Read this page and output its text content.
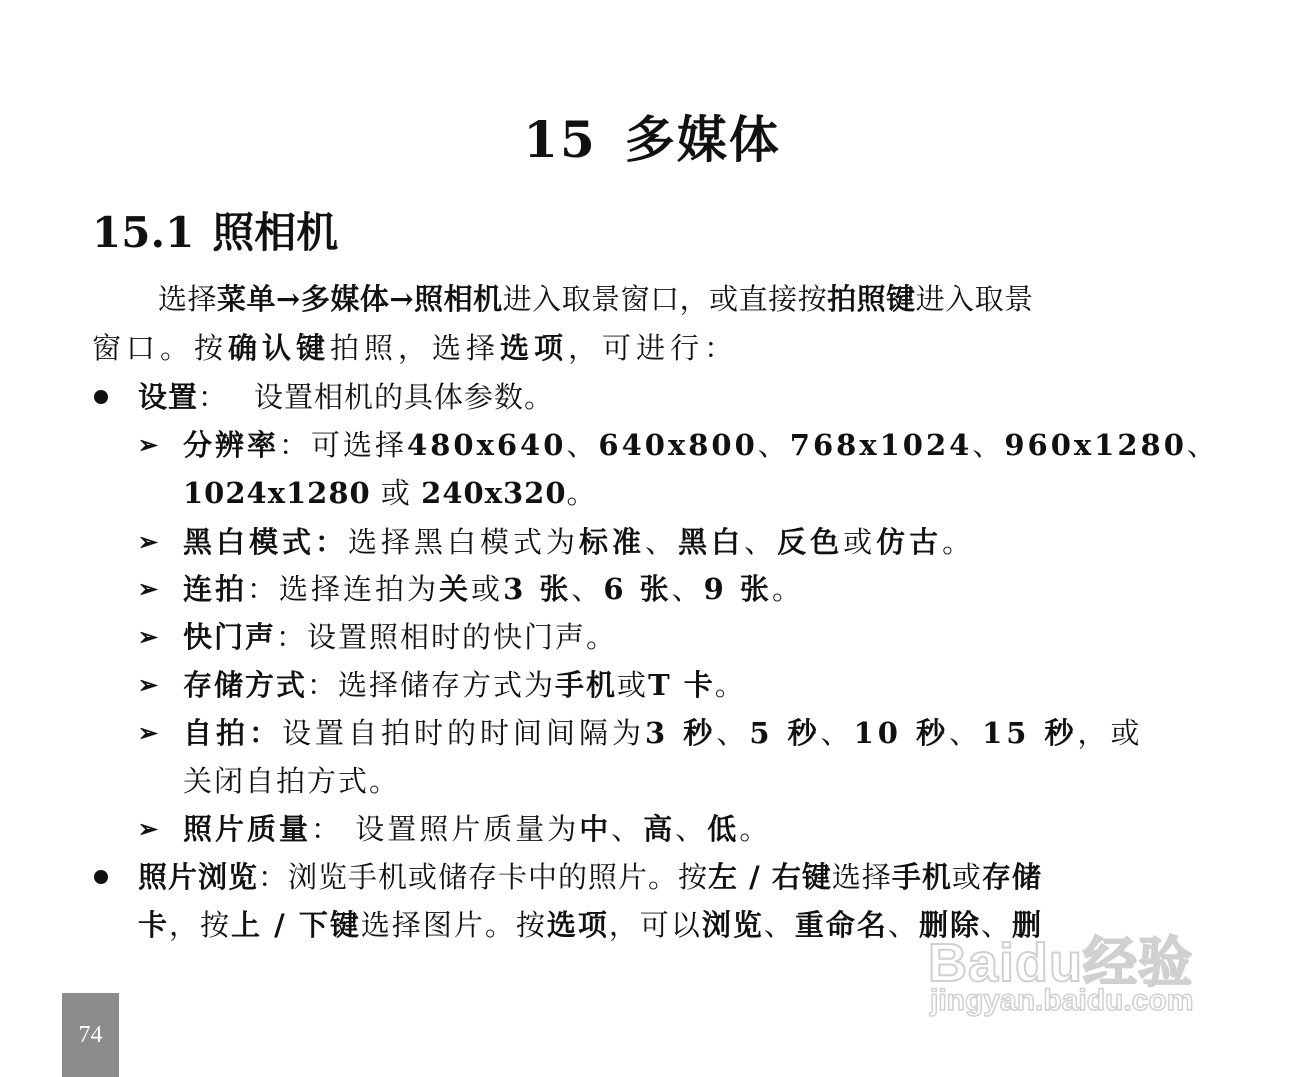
15 多媒体
15.1 照相机
选择菜单→多媒体→照相机进入取景窗口，或直接按拍照键进入取景
窗口。按确认键拍照，选择选项，可进行：
设置： 设置相机的具体参数。
➢ 分辨率：可选择480x640、640x800、768x1024、960x1280、
1024x1280 或 240x320。
➢ 黑白模式：选择黑白模式为标准、黑白、反色或仿古。
➢ 连拍：选择连拍为关或3 张、6 张、9 张。
➢ 快门声：设置照相时的快门声。
➢ 存储方式：选择储存方式为手机或T 卡。
➢ 自拍：设置自拍时的时间间隔为3 秒、5 秒、10 秒、15 秒，或
关闭自拍方式。
➢ 照片质量： 设置照片质量为中、高、低。
照片浏览：浏览手机或储存卡中的照片。按左 / 右键选择手机或存储
卡，按上 / 下键选择图片。按选项，可以浏览、重命名、删除、删
Baidu经验
jingyan.baidu.com
74
